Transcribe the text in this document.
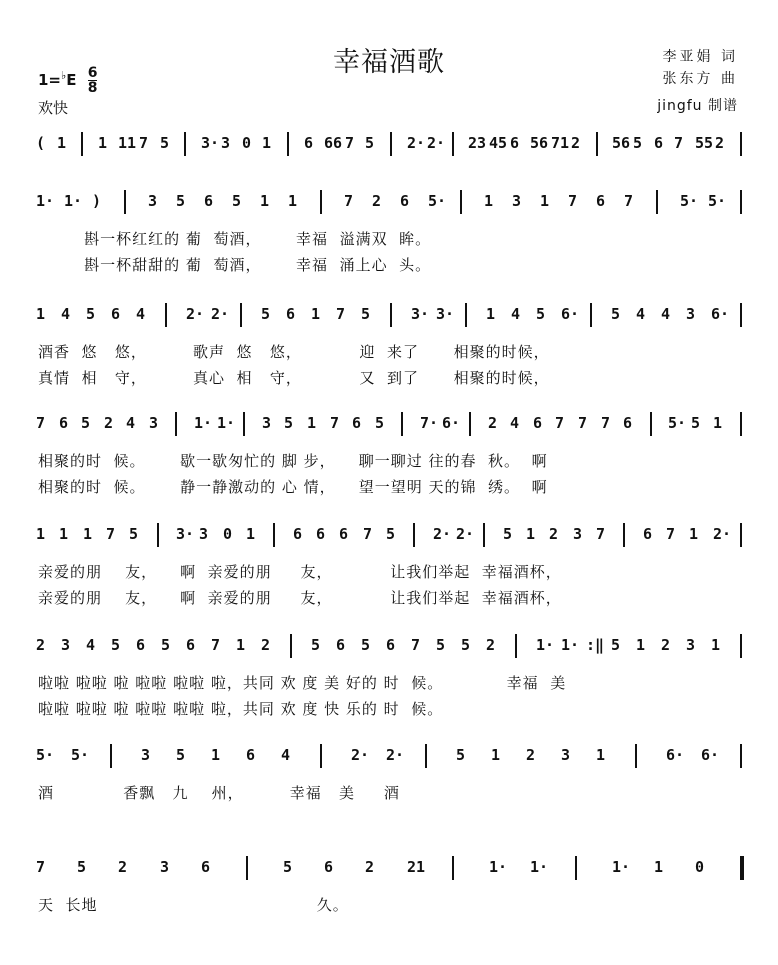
幸福酒歌	李亚娟 词
张东方 曲
jingfu 制谱
$1=^♭E \frac{6}{8}$
欢快
( 1 1 11 7 5 3· 3 0 1 6 66 7 5 2· 2· 23 45 6 56 71 2 56 5 6 7 55 2
1· 1· )	3 5 6 5 1 1	7 2 6 5·	1 3 1 7 6 7	5· 5·
斟一杯红红的 葡  萄酒，      幸福  溢满双  眸。
斟一杯甜甜的 葡  萄酒，      幸福  涌上心  头。
1 4 5 6 4	2· 2· 5 6 1 7 5	3· 3· 1 4 5 6· 5 4 4 3 6·
酒香  悠   悠，        歌声  悠   悠，          迎  来了      相聚的时候，
真情  相   守，        真心  相   守，          又  到了      相聚的时候，
7 6 5 2 4 3 1· 1· 3 5 1 7 6 5 7· 6· 2 4 6 7 7 7 6 5· 5 1
相聚的时  候。      歇一歇匆忙的 脚 步，    聊一聊过 往的春  秋。  啊
相聚的时  候。      静一静激动的 心 情，    望一望明 天的锦  绣。  啊
1 1 1 7 5	3· 3 0 1	6 6 6 7 5	2· 2· 5 1 2 3 7	6 7 1 2·
亲爱的朋    友，    啊  亲爱的朋     友，          让我们举起  幸福酒杯，
亲爱的朋    友，    啊  亲爱的朋     友，          让我们举起  幸福酒杯，
2 3 4 5 6 5 6 7 1 2	5 6 5 6 7 5 5 2	1· 1· :‖ 5 1 2 3 1
啦啦 啦啦 啦 啦啦 啦啦 啦，共同 欢 度 美 好的 时  候。           幸福  美
啦啦 啦啦 啦 啦啦 啦啦 啦，共同 欢 度 快 乐的 时  候。
5· 5·	3 5 1 6 4	2· 2·	5 1 2 3 1	6· 6·
酒            香飘   九    州，        幸福   美     酒
7 5 2 3 6	5 6 2 21	1· 1·	1· 1 0
天  长地                                      久。
